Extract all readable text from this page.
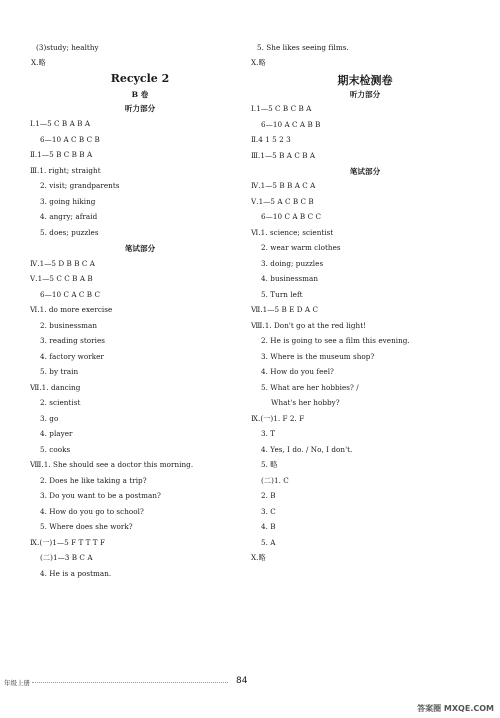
(3)study; healthy
Ⅹ.略
Recycle 2
B 卷
听力部分
Ⅰ.1—5 C B A B A
6—10 A C B C B
Ⅱ.1—5 B C B B A
Ⅲ.1. right; straight
2. visit; grandparents
3. going hiking
4. angry; afraid
5. does; puzzles
笔试部分
Ⅳ.1—5 D B B C A
Ⅴ.1—5 C C B A B
6—10 C A C B C
Ⅵ.1. do more exercise
2. businessman
3. reading stories
4. factory worker
5. by train
Ⅶ.1. dancing
2. scientist
3. go
4. player
5. cooks
Ⅷ.1. She should see a doctor this morning.
2. Does he like taking a trip?
3. Do you want to be a postman?
4. How do you go to school?
5. Where does she work?
Ⅸ.(一)1—5 F T T T F
(二)1—3 B C A
4. He is a postman.
5. She likes seeing films.
Ⅹ.略
期末检测卷
听力部分
Ⅰ.1—5 C B C B A
6—10 A C A B B
Ⅱ.4 1 5 2 3
Ⅲ.1—5 B A C B A
笔试部分
Ⅳ.1—5 B B A C A
Ⅴ.1—5 A C B C B
6—10 C A B C C
Ⅵ.1. science; scientist
2. wear warm clothes
3. doing; puzzles
4. businessman
5. Turn left
Ⅶ.1—5 B E D A C
Ⅷ.1. Don't go at the red light!
2. He is going to see a film this evening.
3. Where is the museum shop?
4. How do you feel?
5. What are her hobbies? /
What's her hobby?
Ⅸ.(一)1. F 2. F
3. T
4. Yes, I do. / No, I don't.
5. 略
(二)1. C
2. B
3. C
4. B
5. A
Ⅹ.略
年级上册	84
答案圈 MXQE.COM
